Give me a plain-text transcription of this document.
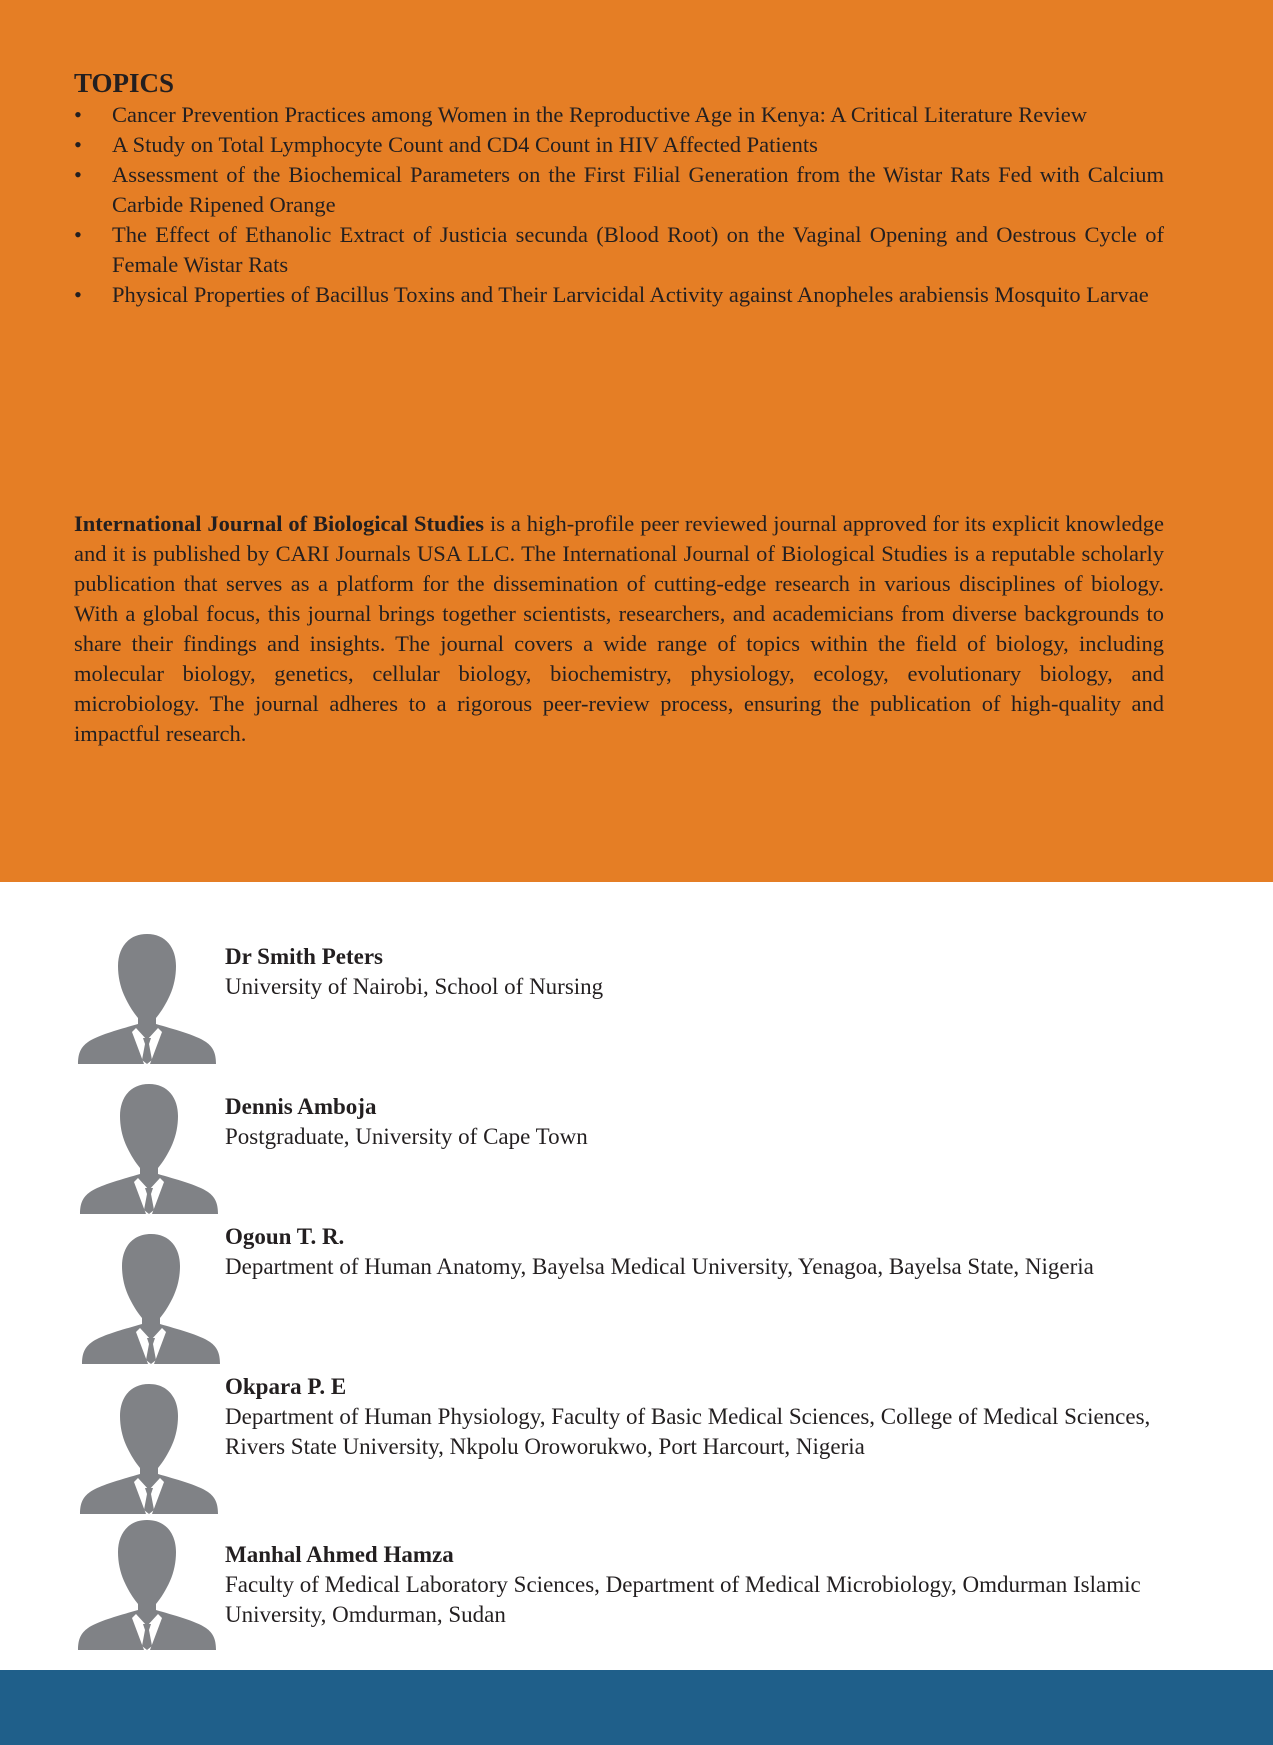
TOPICS
• Cancer Prevention Practices among Women in the Reproductive Age in Kenya: A Critical Literature Review
• A Study on Total Lymphocyte Count and CD4 Count in HIV Affected Patients
• Assessment of the Biochemical Parameters on the First Filial Generation from the Wistar Rats Fed with Calcium Carbide Ripened Orange
• The Effect of Ethanolic Extract of Justicia secunda (Blood Root) on the Vaginal Opening and Oestrous Cycle of Female Wistar Rats
• Physical Properties of Bacillus Toxins and Their Larvicidal Activity against Anopheles arabiensis Mosquito Larvae

International Journal of Biological Studies is a high-profile peer reviewed journal approved for its explicit knowledge and it is published by CARI Journals USA LLC. The International Journal of Biological Studies is a reputable scholarly publication that serves as a platform for the dissemination of cutting-edge research in various disciplines of biology. With a global focus, this journal brings together scientists, researchers, and academicians from diverse backgrounds to share their findings and insights. The journal covers a wide range of topics within the field of biology, including molecular biology, genetics, cellular biology, biochemistry, physiology, ecology, evolutionary biology, and microbiology. The journal adheres to a rigorous peer-review process, ensuring the publication of high-quality and impactful research.

Dr Smith Peters
University of Nairobi, School of Nursing
Dennis Amboja
Postgraduate, University of Cape Town
Ogoun T. R.
Department of Human Anatomy, Bayelsa Medical University, Yenagoa, Bayelsa State, Nigeria
Okpara P. E
Department of Human Physiology, Faculty of Basic Medical Sciences, College of Medical Sciences, Rivers State University, Nkpolu Oroworukwo, Port Harcourt, Nigeria
Manhal Ahmed Hamza
Faculty of Medical Laboratory Sciences, Department of Medical Microbiology, Omdurman Islamic University, Omdurman, Sudan
